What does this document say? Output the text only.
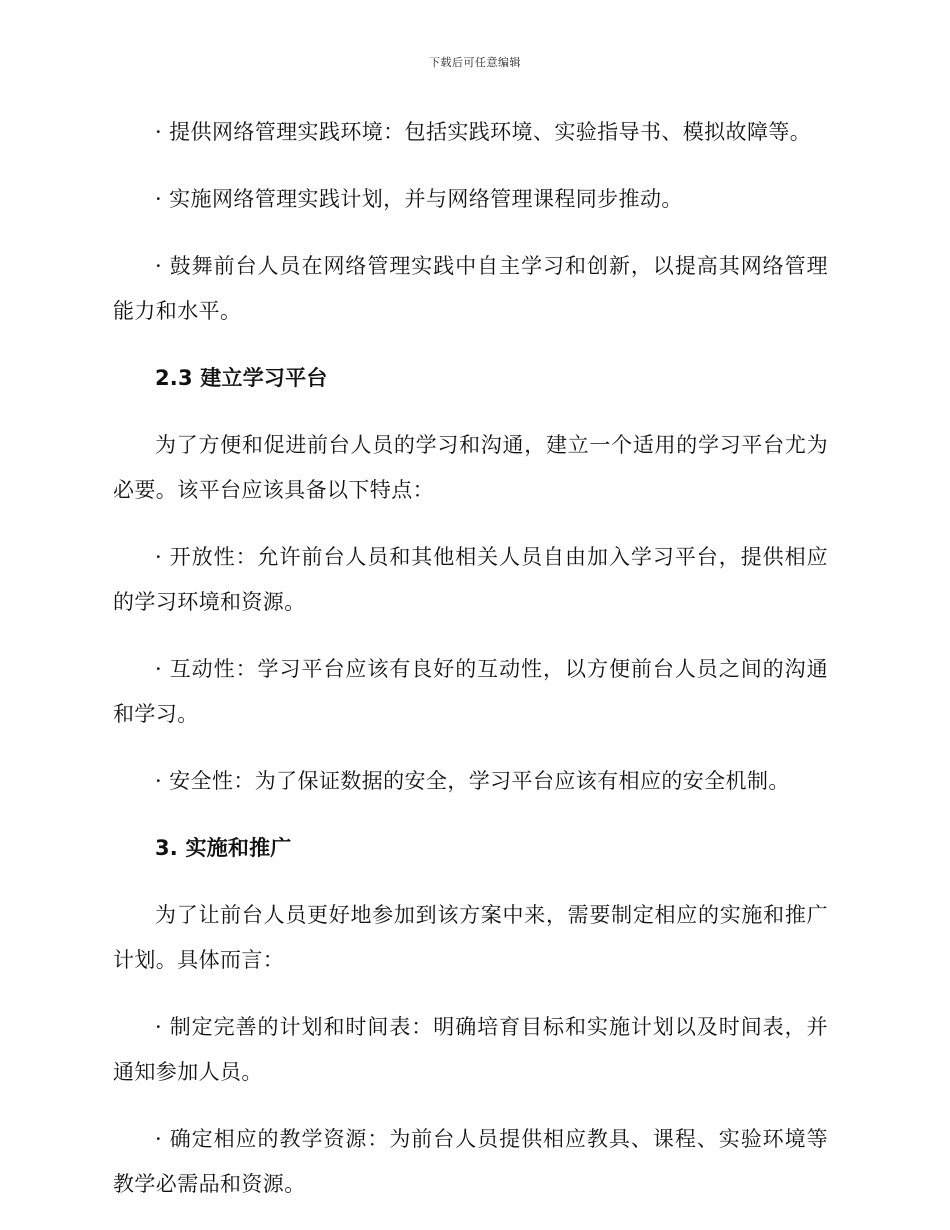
下载后可任意编辑

· 提供网络管理实践环境：包括实践环境、实验指导书、模拟故障等。

· 实施网络管理实践计划，并与网络管理课程同步推动。

· 鼓舞前台人员在网络管理实践中自主学习和创新，以提高其网络管理能力和水平。

2.3 建立学习平台

为了方便和促进前台人员的学习和沟通，建立一个适用的学习平台尤为必要。该平台应该具备以下特点：

· 开放性：允许前台人员和其他相关人员自由加入学习平台，提供相应的学习环境和资源。

· 互动性：学习平台应该有良好的互动性，以方便前台人员之间的沟通和学习。

· 安全性：为了保证数据的安全，学习平台应该有相应的安全机制。

3. 实施和推广

为了让前台人员更好地参加到该方案中来，需要制定相应的实施和推广计划。具体而言：

· 制定完善的计划和时间表：明确培育目标和实施计划以及时间表，并通知参加人员。

· 确定相应的教学资源：为前台人员提供相应教具、课程、实验环境等教学必需品和资源。
